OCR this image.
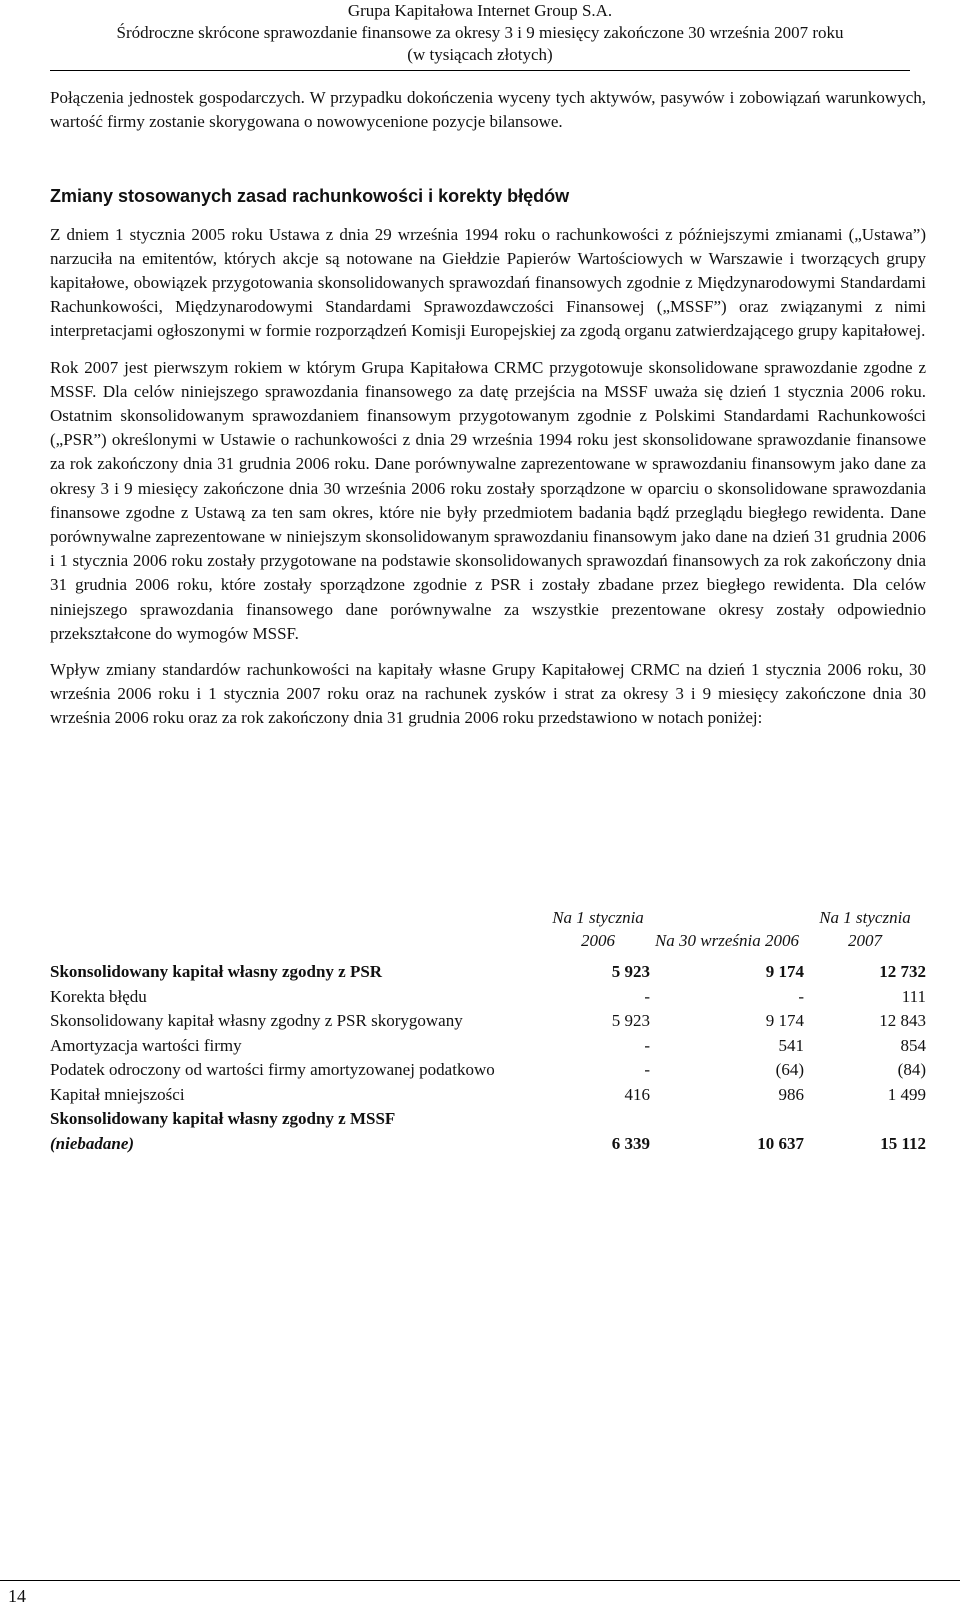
Grupa Kapitałowa Internet Group S.A.
Śródroczne skrócone sprawozdanie finansowe za okresy 3 i 9 miesięcy zakończone 30 września 2007 roku
(w tysiącach złotych)

Połączenia jednostek gospodarczych. W przypadku dokończenia wyceny tych aktywów, pasywów i zobowiązań warunkowych, wartość firmy zostanie skorygowana o nowowycenione pozycje bilansowe.

Zmiany stosowanych zasad rachunkowości i korekty błędów

Z dniem 1 stycznia 2005 roku Ustawa z dnia 29 września 1994 roku o rachunkowości z późniejszymi zmianami („Ustawa”) narzuciła na emitentów, których akcje są notowane na Giełdzie Papierów Wartościowych w Warszawie i tworzących grupy kapitałowe, obowiązek przygotowania skonsolidowanych sprawozdań finansowych zgodnie z Międzynarodowymi Standardami Rachunkowości, Międzynarodowymi Standardami Sprawozdawczości Finansowej („MSSF”) oraz związanymi z nimi interpretacjami ogłoszonymi w formie rozporządzeń Komisji Europejskiej za zgodą organu zatwierdzającego grupy kapitałowej.

Rok 2007 jest pierwszym rokiem w którym Grupa Kapitałowa CRMC przygotowuje skonsolidowane sprawozdanie zgodne z MSSF. Dla celów niniejszego sprawozdania finansowego za datę przejścia na MSSF uważa się dzień 1 stycznia 2006 roku. Ostatnim skonsolidowanym sprawozdaniem finansowym przygotowanym zgodnie z Polskimi Standardami Rachunkowości („PSR”) określonymi w Ustawie o rachunkowości z dnia 29 września 1994 roku jest skonsolidowane sprawozdanie finansowe za rok zakończony dnia 31 grudnia 2006 roku. Dane porównywalne zaprezentowane w sprawozdaniu finansowym jako dane za okresy 3 i 9 miesięcy zakończone dnia 30 września 2006 roku zostały sporządzone w oparciu o skonsolidowane sprawozdania finansowe zgodne z Ustawą za ten sam okres, które nie były przedmiotem badania bądź przeglądu biegłego rewidenta. Dane porównywalne zaprezentowane w niniejszym skonsolidowanym sprawozdaniu finansowym jako dane na dzień 31 grudnia 2006 i 1 stycznia 2006 roku zostały przygotowane na podstawie skonsolidowanych sprawozdań finansowych za rok zakończony dnia 31 grudnia 2006 roku, które zostały sporządzone zgodnie z PSR i zostały zbadane przez biegłego rewidenta. Dla celów niniejszego sprawozdania finansowego dane porównywalne za wszystkie prezentowane okresy zostały odpowiednio przekształcone do wymogów MSSF.

Wpływ zmiany standardów rachunkowości na kapitały własne Grupy Kapitałowej CRMC na dzień 1 stycznia 2006 roku, 30 września 2006 roku i 1 stycznia 2007 roku oraz na rachunek zysków i strat za okresy 3 i 9 miesięcy zakończone dnia 30 września 2006 roku oraz za rok zakończony dnia 31 grudnia 2006 roku przedstawiono w notach poniżej:

	Na 1 stycznia 2006	Na 30 września 2006	Na 1 stycznia 2007
Skonsolidowany kapitał własny zgodny z PSR	5 923	9 174	12 732
Korekta błędu	-	-	111
Skonsolidowany kapitał własny zgodny z PSR skorygowany	5 923	9 174	12 843
Amortyzacja wartości firmy	-	541	854
Podatek odroczony od wartości firmy amortyzowanej podatkowo	-	(64)	(84)
Kapitał mniejszości	416	986	1 499
Skonsolidowany kapitał własny zgodny z MSSF
(niebadane)	6 339	10 637	15 112
14
